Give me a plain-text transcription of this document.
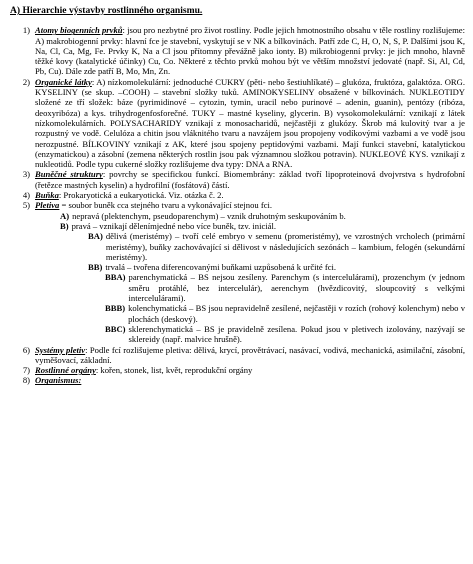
A) Hierarchie výstavby rostlinného organismu.
1) Atomy biogenních prvků: jsou pro nezbytné pro život rostliny. Podle jejich hmotnostního obsahu v těle rostliny rozlišujeme: A) makrobiogenní prvky: hlavní fce je stavební, vyskytují se v NK a bílkovinách. Patří zde C, H, O, N, S, P. Dalšími jsou K, Na, Cl, Ca, Mg, Fe. Prvky K, Na a Cl jsou přítomny převážně jako ionty. B) mikrobiogenní prvky: je jich mnoho, hlavně těžké kovy (katalytické účinky) Cu, Co. Některé z těchto prvků mohou být ve větším množství jedovaté (např. Si, Al, Cd, Pb, Cu). Dále zde patří B, Mo, Mn, Zn.
2) Organické látky: A) nízkomolekulární: jednoduché CUKRY (pěti- nebo šestiuhlíkaté) – glukóza, fruktóza, galaktóza. ORG. KYSELINY (se skup. –COOH) – stavební složky tuků. AMINOKYSELINY obsažené v bílkovinách. NUKLEOTIDY složené ze tří složek: báze (pyrimidinové – cytozin, tymin, uracil nebo purinové – adenin, guanin), pentózy (ribóza, deoxyribóza) a kys. trihydrogenfosforečné. TUKY – mastné kyseliny, glycerin. B) vysokomolekulární: vznikají z látek nízkomolekulárních. POLYSACHARIDY vznikají z monosacharidů, nejčastěji z glukózy. Škrob má kulovitý tvar a je rozpustný ve vodě. Celulóza a chitin jsou vláknitého tvaru a navzájem jsou propojeny vodíkovými vazbami a ve vodě jsou nerozpustné. BÍLKOVINY vznikají z AK, které jsou spojeny peptidovými vazbami. Mají funkci stavební, katalytickou (enzymatickou) a zásobní (zemena některých rostlin jsou pak významnou složkou potravin). NUKLEOVÉ KYS. vznikají z nukleotidů. Podle typu cukerné složky rozlišujeme dva typy: DNA a RNA.
3) Buněčné struktury: povrchy se specifickou funkcí. Biomembrány: základ tvoří lipoproteinová dvojvrstva s hydrofobní (řetězce mastných kyselin) a hydrofilní (fosfátová) částí.
4) Buňka: Prokaryotická a eukaryotická. Viz. otázka č. 2.
5) Pletiva = soubor buněk cca stejného tvaru a vykonávající stejnou fci.
A) nepravá (plektenchym, pseudoparenchym) – vznik druhotným seskupováním b.
B) pravá – vznikají dělenímjedné nebo více buněk, tzv. iniciál.
BA) dělivá (meristémy) – tvoří celé embryo v semenu (promeristémy), ve vzrostných vrcholech (primární meristémy), buňky zachovávající si dělivost v následujících sezónách – kambium, felogén (sekundární meristémy).
BB) trvalá – tvořena diferencovanými buňkami uzpůsobená k určité fci.
BBA) parenchymatická – BS nejsou zesíleny. Parenchym (s intercelulárami), prozenchym (v jednom směru protáhlé, bez intercelulár), aerenchym (hvězdicovitý, sloupcovitý s velkými intercelulárami).
BBB) kolenchymatická – BS jsou nepravidelně zesílené, nejčastěji v rozích (rohový kolenchym) nebo v plochách (deskový).
BBC) sklerenchymatická – BS je pravidelně zesílena. Pokud jsou v pletivech izolovány, nazývají se sklereidy (např. malvice hrušně).
6) Systémy pletiv: Podle fcí rozlišujeme pletiva: dělivá, krycí, provětrávací, nasávací, vodivá, mechanická, asimilační, zásobní, vyměšovací, základní.
7) Rostlinné orgány: kořen, stonek, list, květ, reprodukční orgány
8) Organismus:
